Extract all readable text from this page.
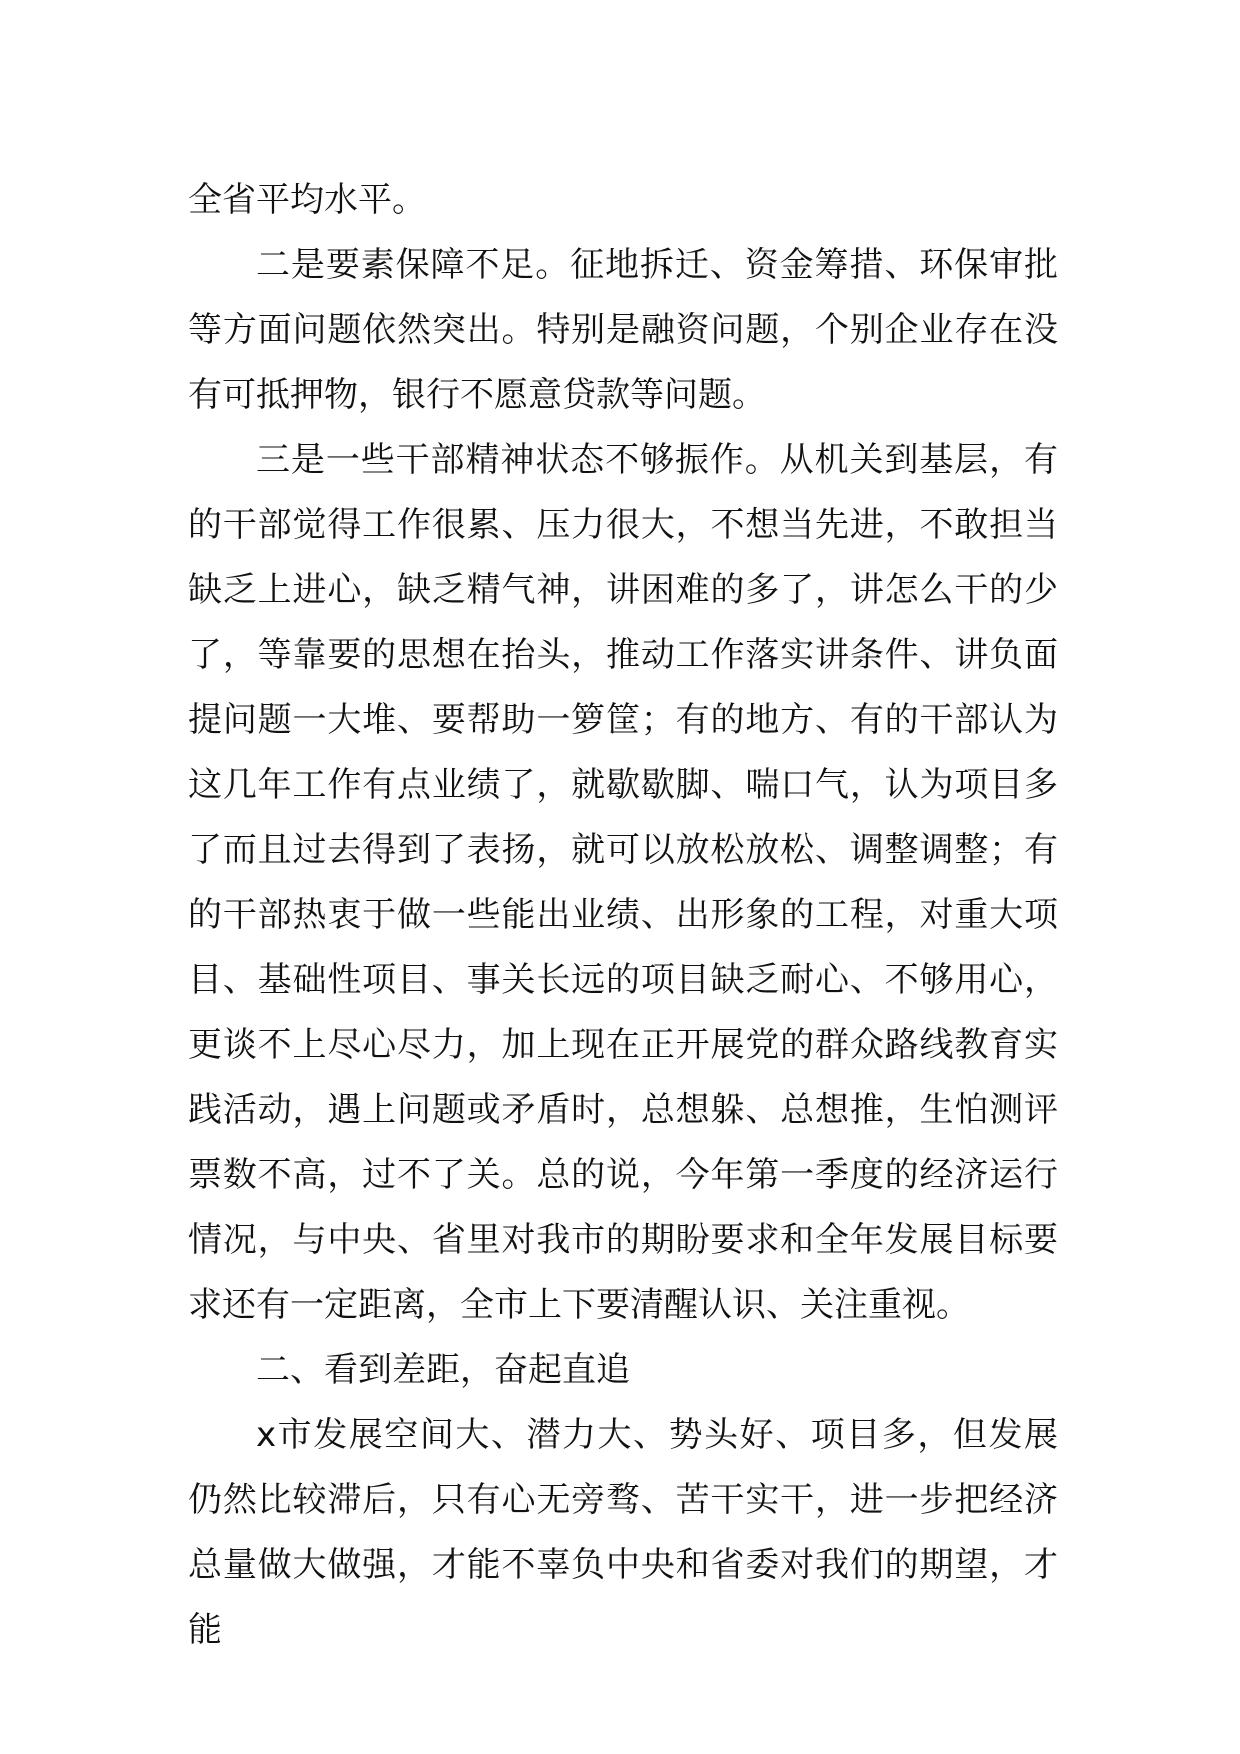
全省平均水平。

二是要素保障不足。征地拆迁、资金筹措、环保审批等方面问题依然突出。特别是融资问题，个别企业存在没有可抵押物，银行不愿意贷款等问题。

三是一些干部精神状态不够振作。从机关到基层，有的干部觉得工作很累、压力很大，不想当先进，不敢担当缺乏上进心，缺乏精气神，讲困难的多了，讲怎么干的少了，等靠要的思想在抬头，推动工作落实讲条件、讲负面提问题一大堆、要帮助一箩筐；有的地方、有的干部认为这几年工作有点业绩了，就歇歇脚、喘口气，认为项目多了而且过去得到了表扬，就可以放松放松、调整调整；有的干部热衷于做一些能出业绩、出形象的工程，对重大项目、基础性项目、事关长远的项目缺乏耐心、不够用心，更谈不上尽心尽力，加上现在正开展党的群众路线教育实践活动，遇上问题或矛盾时，总想躲、总想推，生怕测评票数不高，过不了关。总的说，今年第一季度的经济运行情况，与中央、省里对我市的期盼要求和全年发展目标要求还有一定距离，全市上下要清醒认识、关注重视。

二、看到差距，奋起直追

x市发展空间大、潜力大、势头好、项目多，但发展仍然比较滞后，只有心无旁骛、苦干实干，进一步把经济总量做大做强，才能不辜负中央和省委对我们的期望，才能
